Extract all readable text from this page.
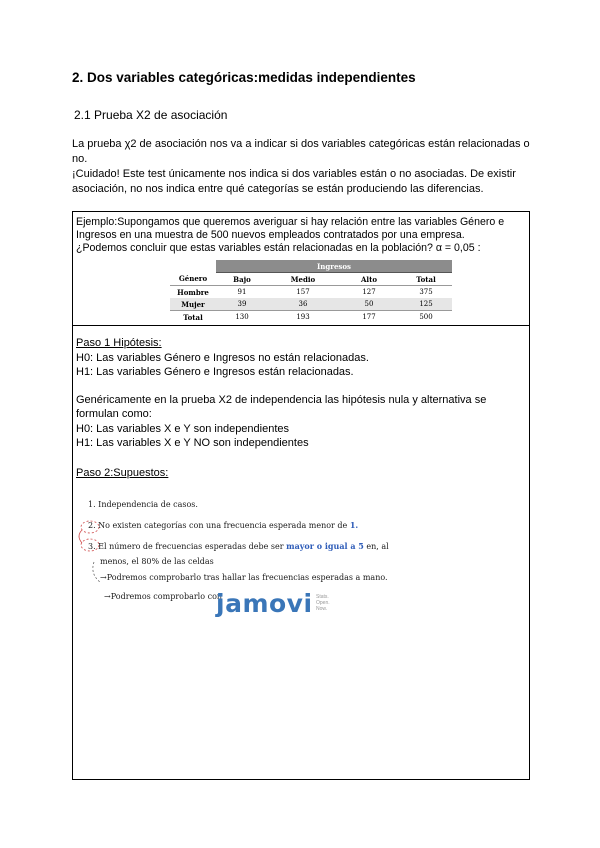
2. Dos variables categóricas:medidas independientes
2.1 Prueba X2 de asociación

La prueba χ2 de asociación nos va a indicar si dos variables categóricas están relacionadas o no.

¡Cuidado! Este test únicamente nos indica si dos variables están o no asociadas. De existir asociación, no nos indica entre qué categorías se están produciendo las diferencias.

Ejemplo:Supongamos que queremos averiguar si hay relación entre las variables Género e Ingresos en una muestra de 500 nuevos empleados contratados por una empresa.

¿Podemos concluir que estas variables están relacionadas en la población? α = 0,05 :

	Ingresos			
Género	Bajo	Medio	Alto	Total
Hombre	91	157	127	375
Mujer	39	36	50	125
Total	130	193	177	500

Paso 1 Hipótesis:

H0: Las variables Género e Ingresos no están relacionadas.

H1: Las variables Género e Ingresos están relacionadas.

Genéricamente en la prueba X2 de independencia las hipótesis nula y alternativa se formulan como:

H0: Las variables X e Y son independientes

H1: Las variables X e Y NO son independientes

Paso 2:Supuestos:

1. Independencia de casos.
2. No existen categorías con una frecuencia esperada menor de 1.
3. El número de frecuencias esperadas debe ser mayor o igual a 5 en, al
menos, el 80% de las celdas
→Podremos comprobarlo tras hallar las frecuencias esperadas a mano.
→Podremos comprobarlo con
jamovi Stats.
Open.
Now.
